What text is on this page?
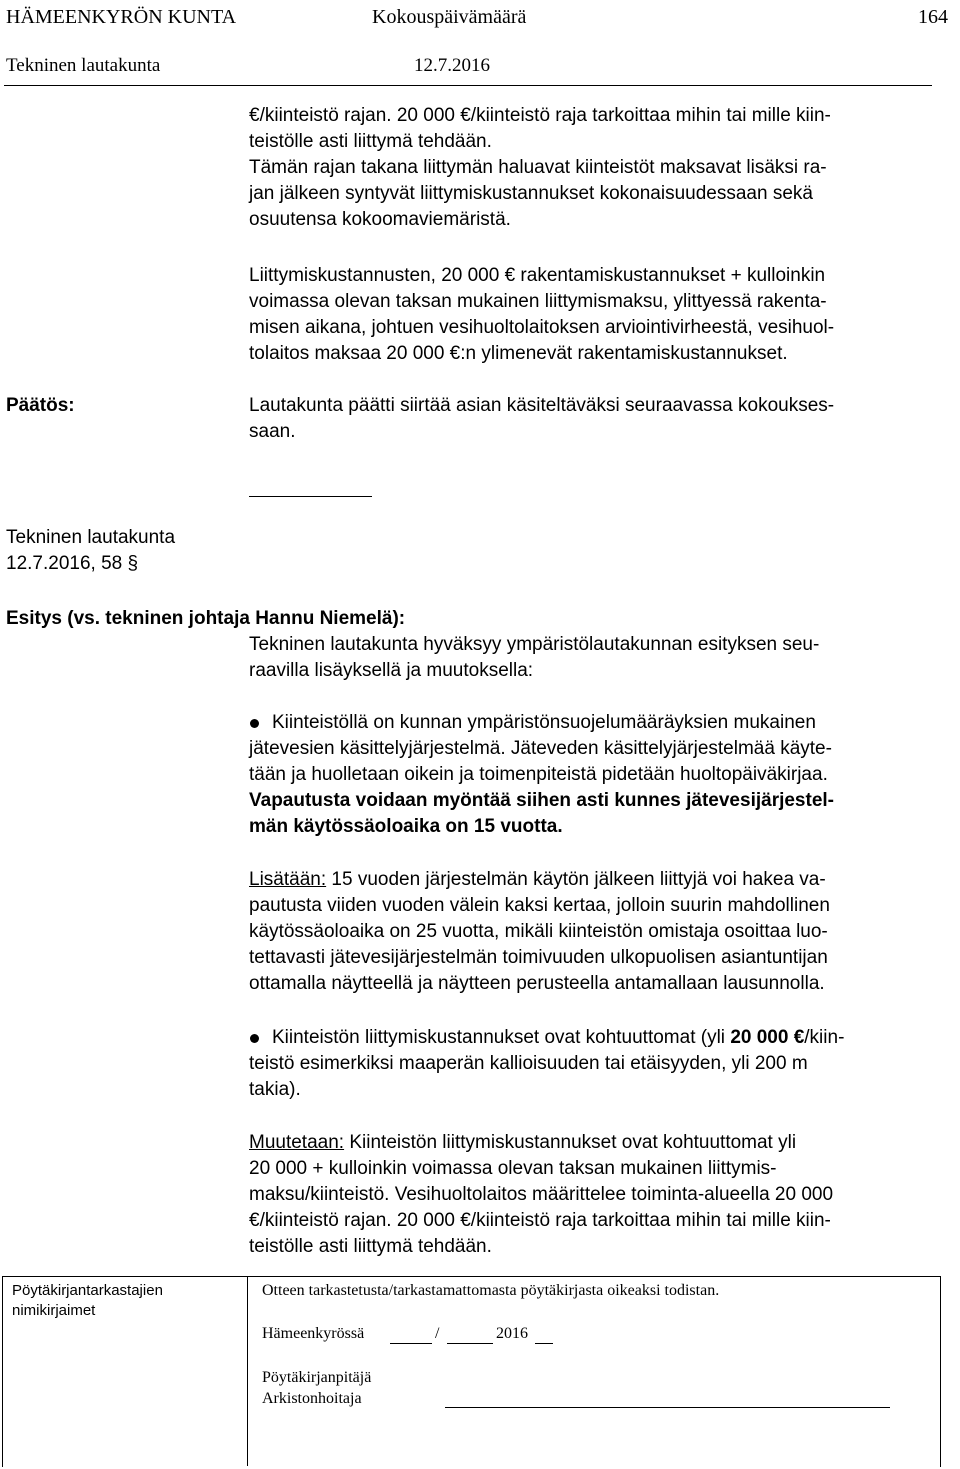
HÄMEENKYRÖN KUNTA	Kokouspäivämäärä	164
Tekninen lautakunta	12.7.2016
€/kiinteistö rajan. 20 000 €/kiinteistö raja tarkoittaa mihin tai mille kiin-
teistölle asti liittymä tehdään.
Tämän rajan takana liittymän haluavat kiinteistöt maksavat lisäksi ra-
jan jälkeen syntyvät liittymiskustannukset kokonaisuudessaan sekä
osuutensa kokoomaviemäristä.
Liittymiskustannusten, 20 000 € rakentamiskustannukset + kulloinkin
voimassa olevan taksan mukainen liittymismaksu, ylittyessä rakenta-
misen aikana, johtuen vesihuoltolaitoksen arviointivirheestä, vesihuol-
tolaitos maksaa 20 000 €:n ylimenevät rakentamiskustannukset.
Päätös:	Lautakunta päätti siirtää asian käsiteltäväksi seuraavassa kokoukses-
saan.
Tekninen lautakunta
12.7.2016, 58 §
Esitys (vs. tekninen johtaja Hannu Niemelä):
Tekninen lautakunta hyväksyy ympäristölautakunnan esityksen seu-
raavilla lisäyksellä ja muutoksella:
Kiinteistöllä on kunnan ympäristönsuojelumääräyksien mukainen
jätevesien käsittelyjärjestelmä. Jäteveden käsittelyjärjestelmää käyte-
tään ja huolletaan oikein ja toimenpiteistä pidetään huoltopäiväkirjaa.
Vapautusta voidaan myöntää siihen asti kunnes jätevesijärjestel-
män käytössäoloaika on 15 vuotta.
Lisätään: 15 vuoden järjestelmän käytön jälkeen liittyjä voi hakea va-
pautusta viiden vuoden välein kaksi kertaa, jolloin suurin mahdollinen
käytössäoloaika on 25 vuotta, mikäli kiinteistön omistaja osoittaa luo-
tettavasti jätevesijärjestelmän toimivuuden ulkopuolisen asiantuntijan
ottamalla näytteellä ja näytteen perusteella antamallaan lausunnolla.
Kiinteistön liittymiskustannukset ovat kohtuuttomat (yli 20 000 €/kiin-
teistö esimerkiksi maaperän kallioisuuden tai etäisyyden, yli 200 m
takia).
Muutetaan: Kiinteistön liittymiskustannukset ovat kohtuuttomat yli
20 000 + kulloinkin voimassa olevan taksan mukainen liittymis-
maksu/kiinteistö. Vesihuoltolaitos määrittelee toiminta-alueella 20 000
€/kiinteistö rajan. 20 000 €/kiinteistö raja tarkoittaa mihin tai mille kiin-
teistölle asti liittymä tehdään.
Pöytäkirjantarkastajien
nimikirjaimet
Otteen tarkastetusta/tarkastamattomasta pöytäkirjasta oikeaksi todistan.
Hämeenkyrössä	/	2016
Pöytäkirjanpitäjä
Arkistonhoitaja
